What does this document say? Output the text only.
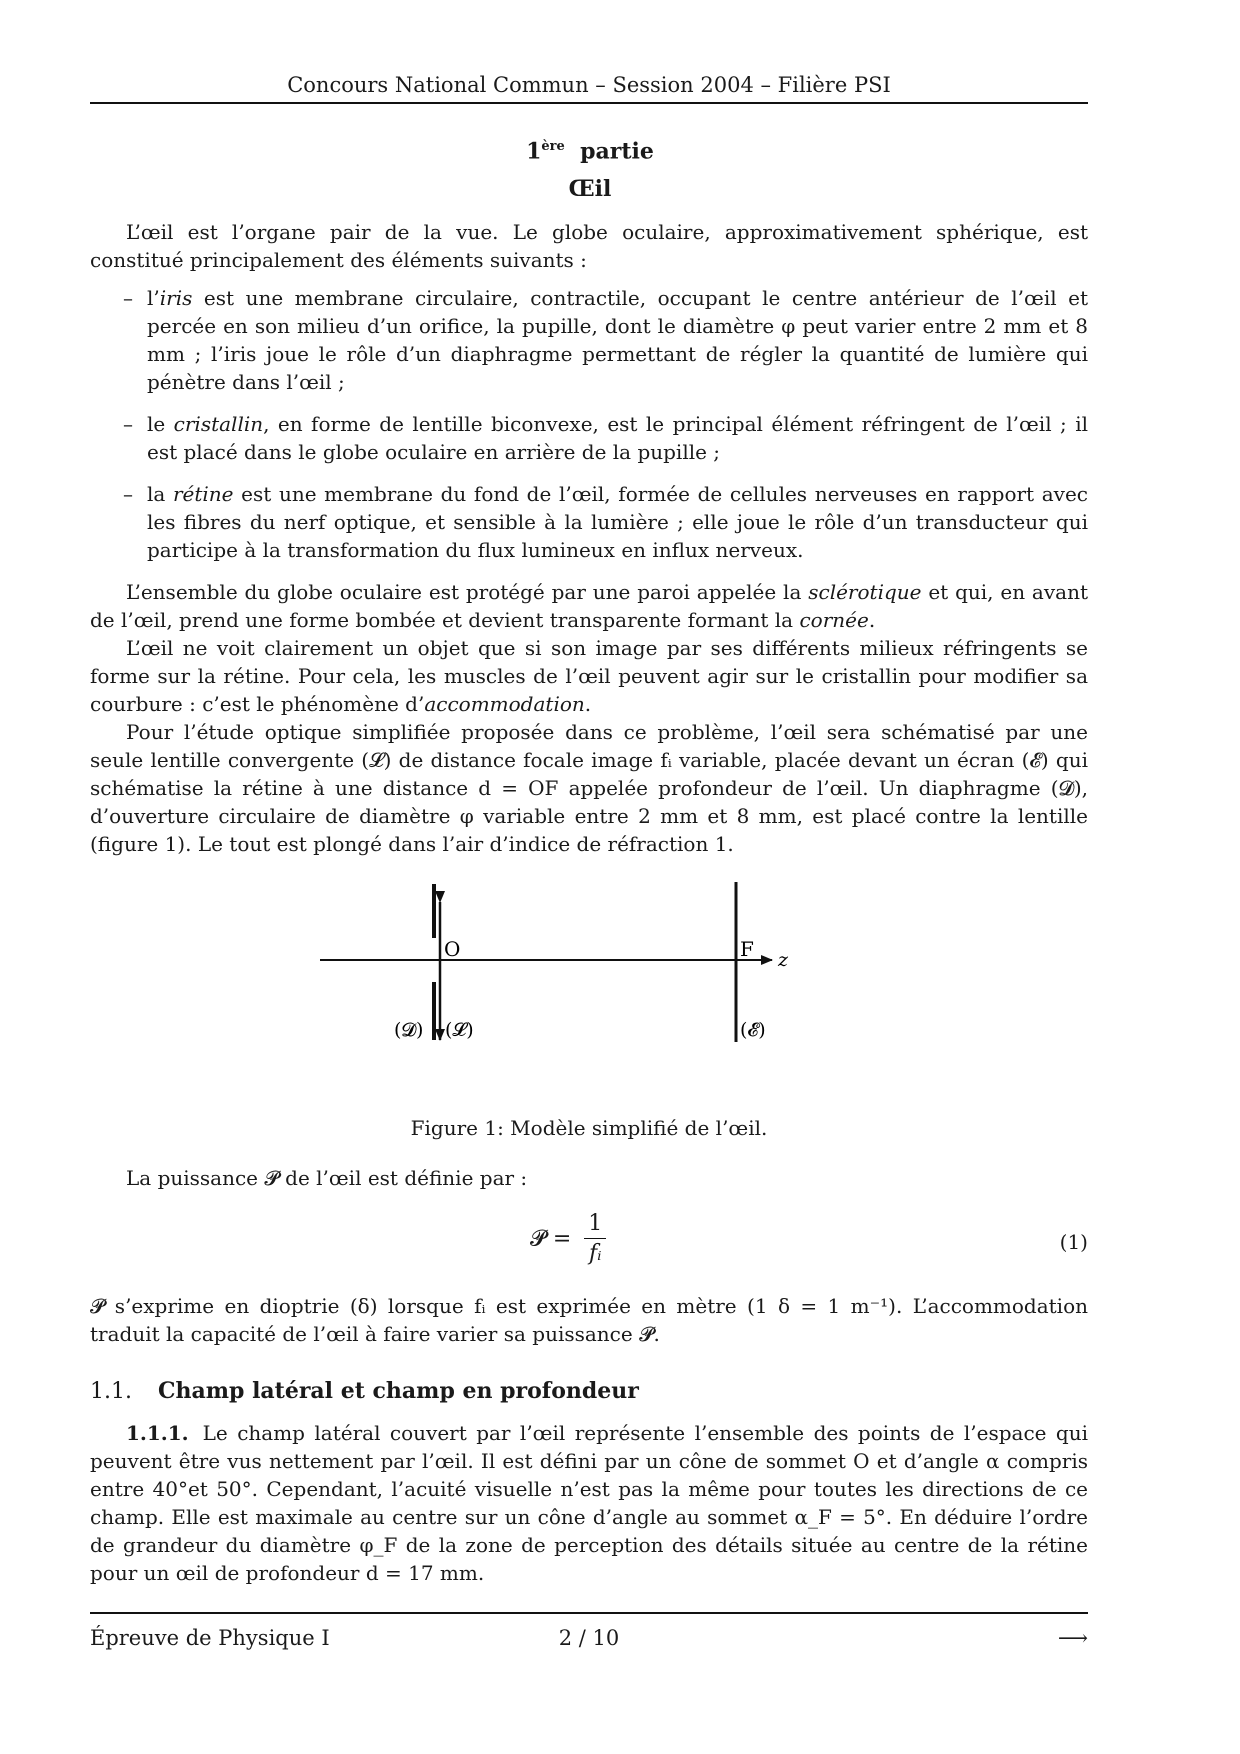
Concours National Commun – Session 2004 – Filière PSI
1ère partie
Œil

L’œil est l’organe pair de la vue. Le globe oculaire, approximativement sphérique, est constitué principalement des éléments suivants :

– l’iris est une membrane circulaire, contractile, occupant le centre antérieur de l’œil et percée en son milieu d’un orifice, la pupille, dont le diamètre φ peut varier entre 2 mm et 8 mm ; l’iris joue le rôle d’un diaphragme permettant de régler la quantité de lumière qui pénètre dans l’œil ;
– le cristallin, en forme de lentille biconvexe, est le principal élément réfringent de l’œil ; il est placé dans le globe oculaire en arrière de la pupille ;
– la rétine est une membrane du fond de l’œil, formée de cellules nerveuses en rapport avec les fibres du nerf optique, et sensible à la lumière ; elle joue le rôle d’un transducteur qui participe à la transformation du flux lumineux en influx nerveux.

L’ensemble du globe oculaire est protégé par une paroi appelée la sclérotique et qui, en avant de l’œil, prend une forme bombée et devient transparente formant la cornée.

L’œil ne voit clairement un objet que si son image par ses différents milieux réfringents se forme sur la rétine. Pour cela, les muscles de l’œil peuvent agir sur le cristallin pour modifier sa courbure : c’est le phénomène d’accommodation.

Pour l’étude optique simplifiée proposée dans ce problème, l’œil sera schématisé par une seule lentille convergente (𝓛) de distance focale image fᵢ variable, placée devant un écran (𝓔) qui schématise la rétine à une distance d = OF appelée profondeur de l’œil. Un diaphragme (𝓓), d’ouverture circulaire de diamètre φ variable entre 2 mm et 8 mm, est placé contre la lentille (figure 1). Le tout est plongé dans l’air d’indice de réfraction 1.

O	F z
(𝓓) (𝓛)	(𝓔)

Figure 1: Modèle simplifié de l’œil.

La puissance 𝓟 de l’œil est définie par :

𝓟 = $\frac{1}{\text{fᵢ}}$	(1)

𝓟 s’exprime en dioptrie (δ) lorsque fᵢ est exprimée en mètre (1 δ = 1 m⁻¹). L’accommodation traduit la capacité de l’œil à faire varier sa puissance 𝓟.

1.1. Champ latéral et champ en profondeur

1.1.1. Le champ latéral couvert par l’œil représente l’ensemble des points de l’espace qui peuvent être vus nettement par l’œil. Il est défini par un cône de sommet O et d’angle α compris entre 40°et 50°. Cependant, l’acuité visuelle n’est pas la même pour toutes les directions de ce champ. Elle est maximale au centre sur un cône d’angle au sommet α_F = 5°. En déduire l’ordre de grandeur du diamètre φ_F de la zone de perception des détails située au centre de la rétine pour un œil de profondeur d = 17 mm.

Épreuve de Physique I	2 / 10	⟶
